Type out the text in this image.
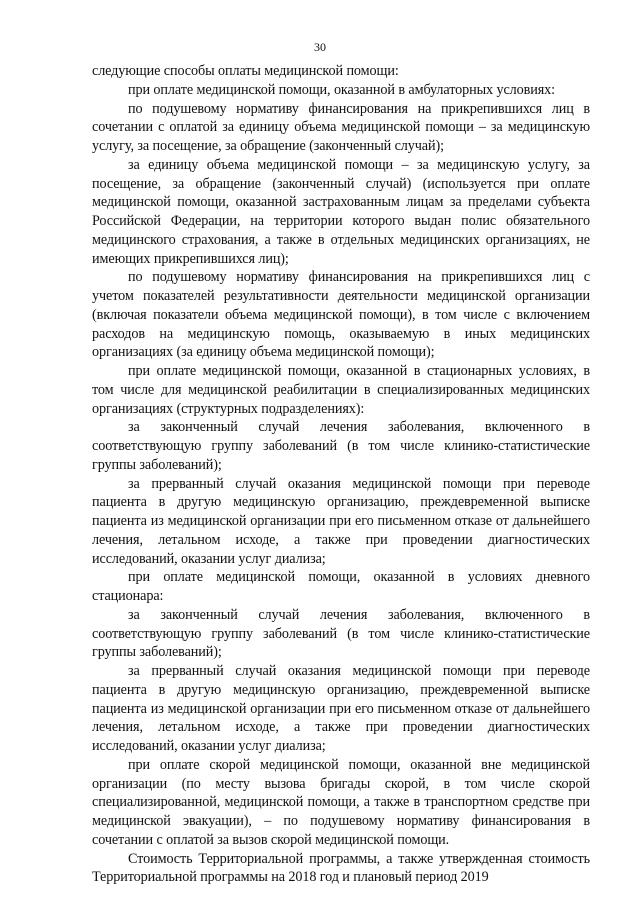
30

следующие способы оплаты медицинской помощи:

при оплате медицинской помощи, оказанной в амбулаторных условиях:

по подушевому нормативу финансирования на прикрепившихся лиц в сочетании с оплатой за единицу объема медицинской помощи – за медицинскую услугу, за посещение, за обращение (законченный случай);

за единицу объема медицинской помощи – за медицинскую услугу, за посещение, за обращение (законченный случай) (используется при оплате медицинской помощи, оказанной застрахованным лицам за пределами субъекта Российской Федерации, на территории которого выдан полис обязательного медицинского страхования, а также в отдельных медицинских организациях, не имеющих прикрепившихся лиц);

по подушевому нормативу финансирования на прикрепившихся лиц с учетом показателей результативности деятельности медицинской организации (включая показатели объема медицинской помощи), в том числе с включением расходов на медицинскую помощь, оказываемую в иных медицинских организациях (за единицу объема медицинской помощи);

при оплате медицинской помощи, оказанной в стационарных условиях, в том числе для медицинской реабилитации в специализированных медицинских организациях (структурных подразделениях):

за законченный случай лечения заболевания, включенного в соответствующую группу заболеваний (в том числе клинико-статистические группы заболеваний);

за прерванный случай оказания медицинской помощи при переводе пациента в другую медицинскую организацию, преждевременной выписке пациента из медицинской организации при его письменном отказе от дальнейшего лечения, летальном исходе, а также при проведении диагностических исследований, оказании услуг диализа;

при оплате медицинской помощи, оказанной в условиях дневного стационара:

за законченный случай лечения заболевания, включенного в соответствующую группу заболеваний (в том числе клинико-статистические группы заболеваний);

за прерванный случай оказания медицинской помощи при переводе пациента в другую медицинскую организацию, преждевременной выписке пациента из медицинской организации при его письменном отказе от дальнейшего лечения, летальном исходе, а также при проведении диагностических исследований, оказании услуг диализа;

при оплате скорой медицинской помощи, оказанной вне медицинской организации (по месту вызова бригады скорой, в том числе скорой специализированной, медицинской помощи, а также в транспортном средстве при медицинской эвакуации), – по подушевому нормативу финансирования в сочетании с оплатой за вызов скорой медицинской помощи.

Стоимость Территориальной программы, а также утвержденная стоимость Территориальной программы на 2018 год и плановый период 2019
